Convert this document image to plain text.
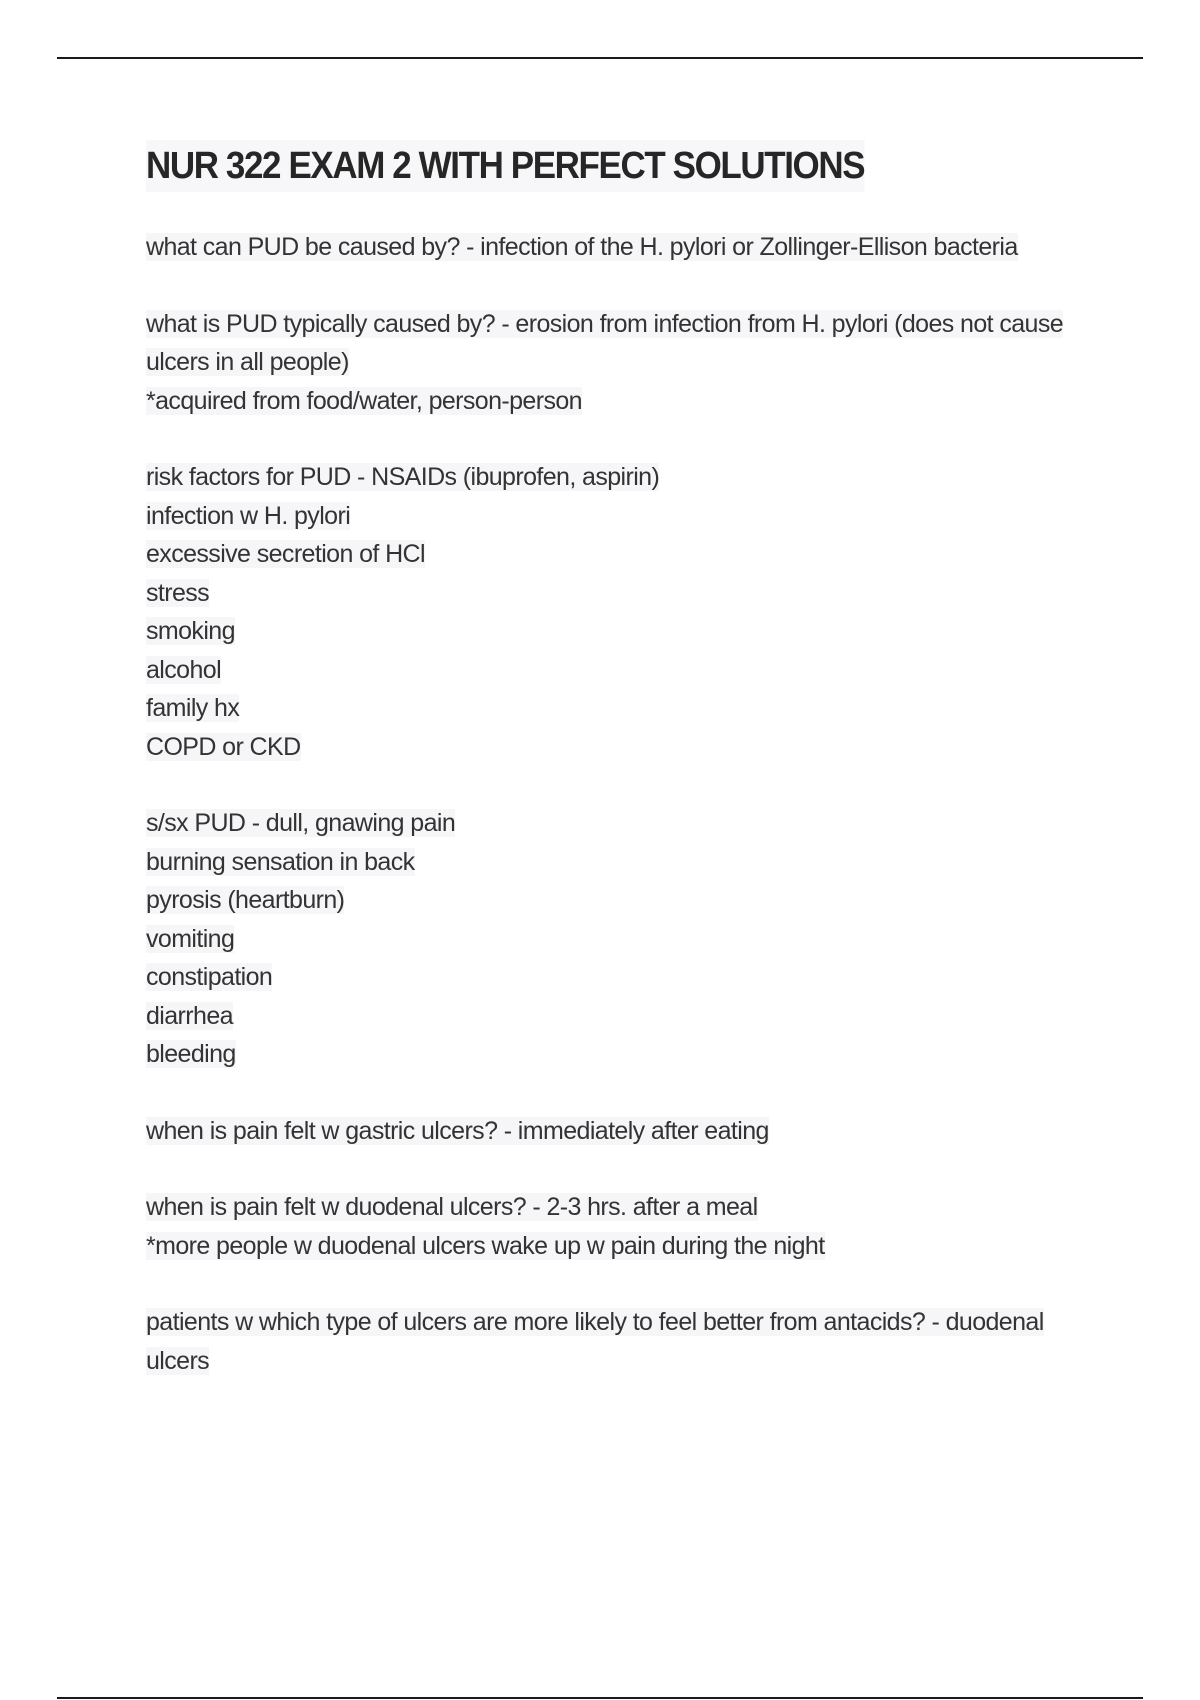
NUR 322 EXAM 2 WITH PERFECT SOLUTIONS
what can PUD be caused by? - infection of the H. pylori or Zollinger-Ellison bacteria
what is PUD typically caused by? - erosion from infection from H. pylori (does not cause
ulcers in all people)
*acquired from food/water, person-person
risk factors for PUD - NSAIDs (ibuprofen, aspirin)
infection w H. pylori
excessive secretion of HCl
stress
smoking
alcohol
family hx
COPD or CKD
s/sx PUD - dull, gnawing pain
burning sensation in back
pyrosis (heartburn)
vomiting
constipation
diarrhea
bleeding
when is pain felt w gastric ulcers? - immediately after eating
when is pain felt w duodenal ulcers? - 2-3 hrs. after a meal
*more people w duodenal ulcers wake up w pain during the night
patients w which type of ulcers are more likely to feel better from antacids? - duodenal
ulcers
